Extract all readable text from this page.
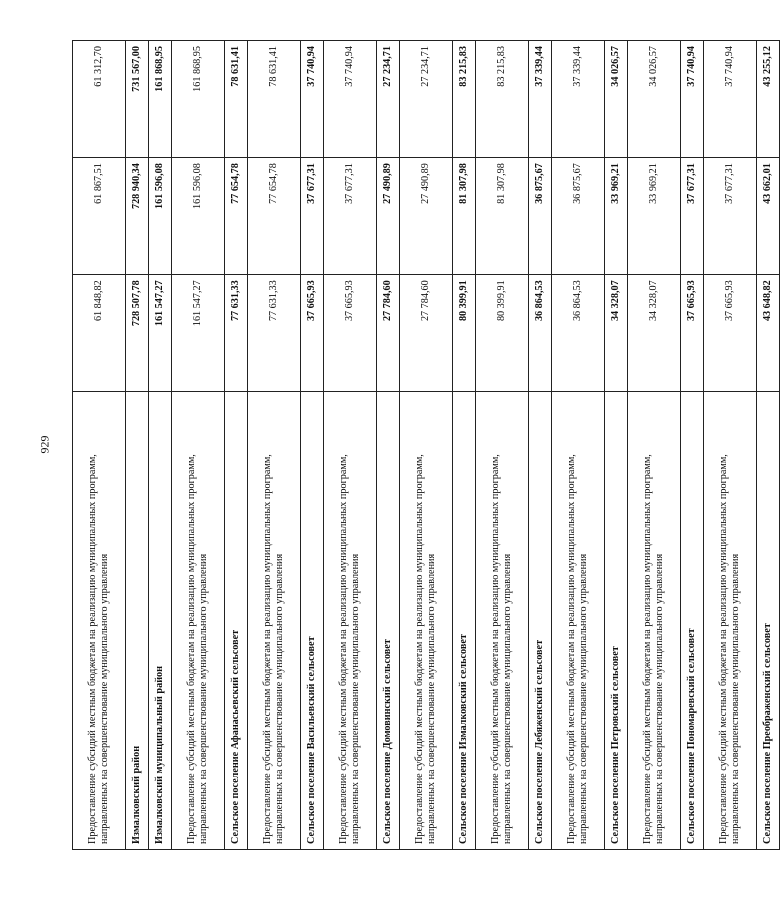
929
Предоставление субсидий местным бюджетам на реализацию муниципальных программ, направленных на совершенствование муниципального управления	61 848,82	61 867,51	61 312,70
Измалковский район	728 507,78	728 940,34	731 567,00
Измалковский муниципальный район	161 547,27	161 596,08	161 868,95
Предоставление субсидий местным бюджетам на реализацию муниципальных программ, направленных на совершенствование муниципального управления	161 547,27	161 596,08	161 868,95
Сельское поселение Афанасьевский сельсовет	77 631,33	77 654,78	78 631,41
Предоставление субсидий местным бюджетам на реализацию муниципальных программ, направленных на совершенствование муниципального управления	77 631,33	77 654,78	78 631,41
Сельское поселение Васильевский сельсовет	37 665,93	37 677,31	37 740,94
Предоставление субсидий местным бюджетам на реализацию муниципальных программ, направленных на совершенствование муниципального управления	37 665,93	37 677,31	37 740,94
Сельское поселение Домовинский сельсовет	27 784,60	27 490,89	27 234,71
Предоставление субсидий местным бюджетам на реализацию муниципальных программ, направленных на совершенствование муниципального управления	27 784,60	27 490,89	27 234,71
Сельское поселение Измалковский сельсовет	80 399,91	81 307,98	83 215,83
Предоставление субсидий местным бюджетам на реализацию муниципальных программ, направленных на совершенствование муниципального управления	80 399,91	81 307,98	83 215,83
Сельское поселение Лебяженский сельсовет	36 864,53	36 875,67	37 339,44
Предоставление субсидий местным бюджетам на реализацию муниципальных программ, направленных на совершенствование муниципального управления	36 864,53	36 875,67	37 339,44
Сельское поселение Петровский сельсовет	34 328,07	33 969,21	34 026,57
Предоставление субсидий местным бюджетам на реализацию муниципальных программ, направленных на совершенствование муниципального управления	34 328,07	33 969,21	34 026,57
Сельское поселение Пономаревский сельсовет	37 665,93	37 677,31	37 740,94
Предоставление субсидий местным бюджетам на реализацию муниципальных программ, направленных на совершенствование муниципального управления	37 665,93	37 677,31	37 740,94
Сельское поселение Преображенский сельсовет	43 648,82	43 662,01	43 255,12
